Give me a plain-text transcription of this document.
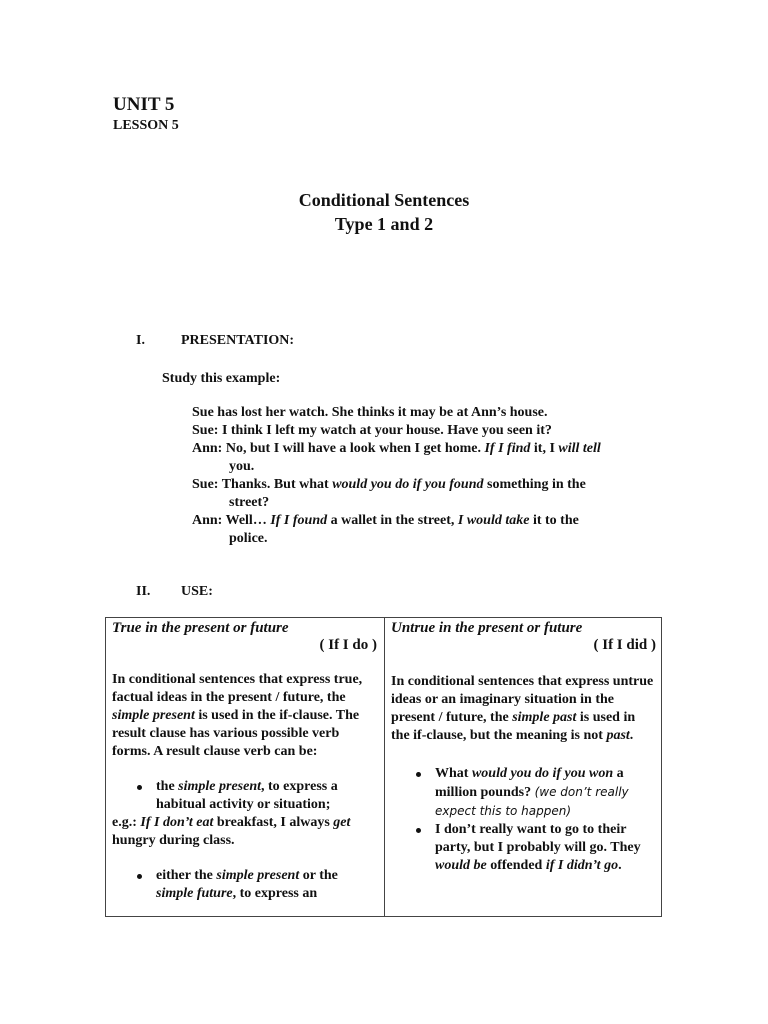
UNIT 5
LESSON 5
Conditional Sentences
Type 1 and 2
I.	PRESENTATION:
Study this example:
Sue has lost her watch. She thinks it may be at Ann’s house.
Sue: I think I left my watch at your house. Have you seen it?
Ann: No, but I will have a look when I get home. If I find it, I will tell
you.
Sue: Thanks. But what would you do if you found something in the
street?
Ann: Well… If I found a wallet in the street, I would take it to the
police.
II. USE:
True in the present or future
( If I do )
In conditional sentences that express true, factual ideas in the present / future, the simple present is used in the if-clause. The result clause has various possible verb forms. A result clause verb can be:
the simple present, to express a habitual activity or situation;
e.g.: If I don’t eat breakfast, I always get hungry during class.
either the simple present or the simple future, to express an
Untrue in the present or future
( If I did )
In conditional sentences that express untrue ideas or an imaginary situation in the present / future, the simple past is used in the if-clause, but the meaning is not past.
What would you do if you won a million pounds? (we don’t really expect this to happen)
I don’t really want to go to their party, but I probably will go. They would be offended if I didn’t go.
